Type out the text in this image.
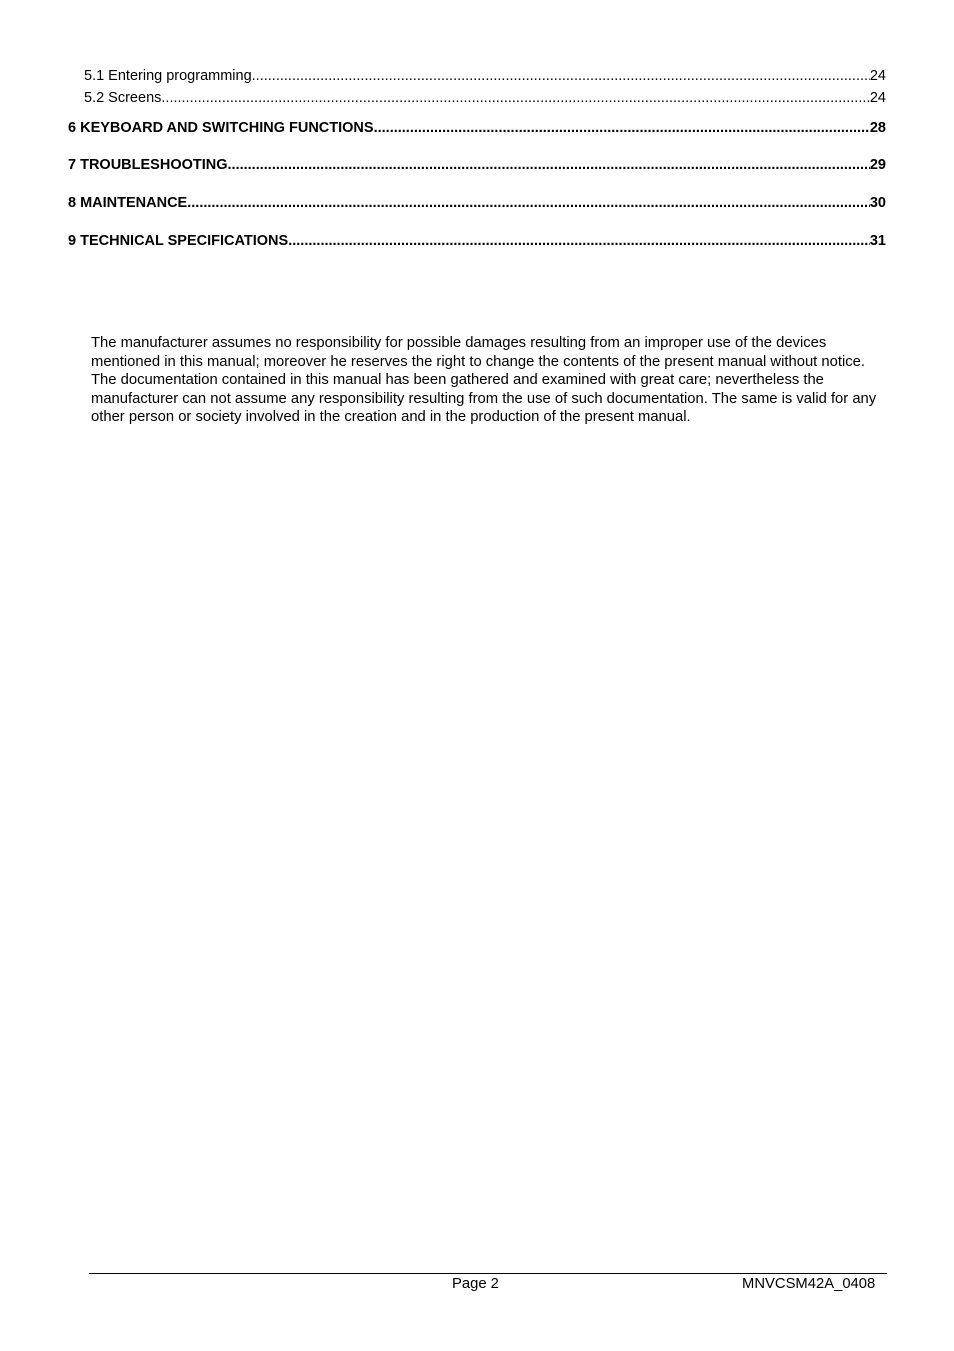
5.1 Entering programming .....	24
5.2 Screens .....	24
6 KEYBOARD AND SWITCHING FUNCTIONS .....	28
7 TROUBLESHOOTING .....	29
8 MAINTENANCE .....	30
9 TECHNICAL SPECIFICATIONS .....	31

The manufacturer assumes no responsibility for possible damages resulting from an improper use of the devices mentioned in this manual; moreover he reserves the right to change the contents of the present manual without notice. The documentation contained in this manual has been gathered and examined with great care; nevertheless the manufacturer can not assume any responsibility resulting from the use of such documentation. The same is valid for any other person or society involved in the creation and in the production of the present manual.

Page 2	MNVCSM42A_0408
